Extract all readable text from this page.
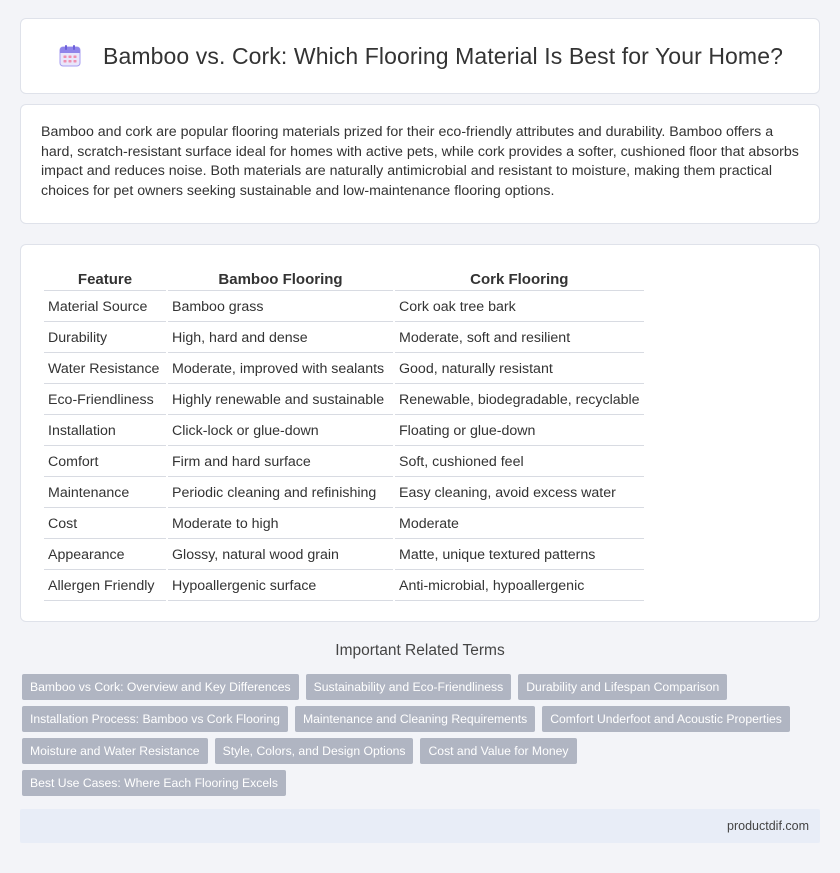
Bamboo vs. Cork: Which Flooring Material Is Best for Your Home?

Bamboo and cork are popular flooring materials prized for their eco-friendly attributes and durability. Bamboo offers a hard, scratch-resistant surface ideal for homes with active pets, while cork provides a softer, cushioned floor that absorbs impact and reduces noise. Both materials are naturally antimicrobial and resistant to moisture, making them practical choices for pet owners seeking sustainable and low-maintenance flooring options.

Feature	Bamboo Flooring	Cork Flooring
Material Source	Bamboo grass	Cork oak tree bark
Durability	High, hard and dense	Moderate, soft and resilient
Water Resistance	Moderate, improved with sealants	Good, naturally resistant
Eco-Friendliness	Highly renewable and sustainable	Renewable, biodegradable, recyclable
Installation	Click-lock or glue-down	Floating or glue-down
Comfort	Firm and hard surface	Soft, cushioned feel
Maintenance	Periodic cleaning and refinishing	Easy cleaning, avoid excess water
Cost	Moderate to high	Moderate
Appearance	Glossy, natural wood grain	Matte, unique textured patterns
Allergen Friendly	Hypoallergenic surface	Anti-microbial, hypoallergenic
Important Related Terms
Bamboo vs Cork: Overview and Key Differences	Sustainability and Eco-Friendliness	Durability and Lifespan Comparison
Installation Process: Bamboo vs Cork Flooring	Maintenance and Cleaning Requirements	Comfort Underfoot and Acoustic Properties
Moisture and Water Resistance	Style, Colors, and Design Options	Cost and Value for Money
Best Use Cases: Where Each Flooring Excels
productdif.com
